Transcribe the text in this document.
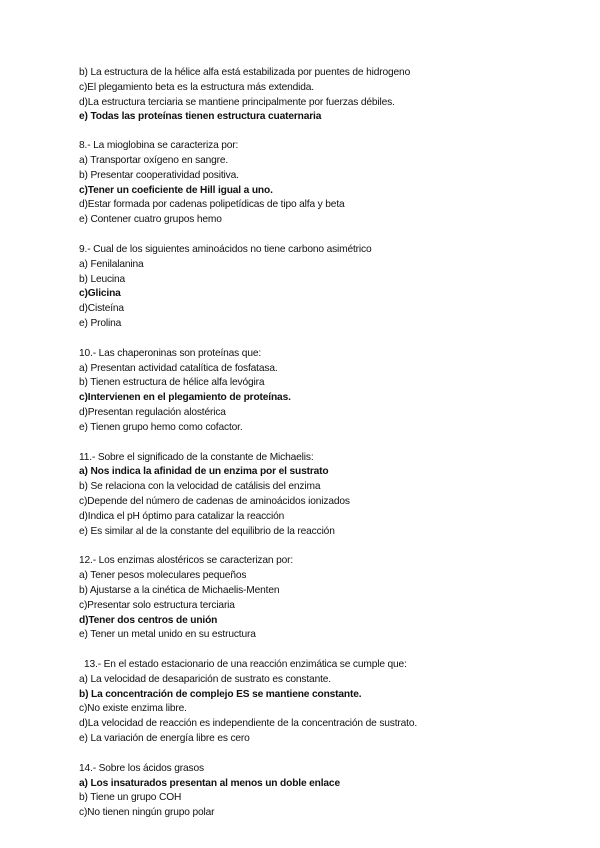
b) La estructura de la hélice alfa está estabilizada por puentes de hidrogeno
c)El plegamiento beta es la estructura más extendida.
d)La estructura terciaria se mantiene principalmente por fuerzas débiles.
e) Todas las proteínas tienen estructura cuaternaria
8.- La mioglobina se caracteriza por:
a) Transportar oxígeno en sangre.
b) Presentar cooperatividad positiva.
c)Tener un coeficiente de Hill igual a uno.
d)Estar formada por cadenas polipetídicas de tipo alfa y beta
e) Contener cuatro grupos hemo
9.- Cual de los siguientes aminoácidos no tiene carbono asimétrico
a) Fenilalanina
b) Leucina
c)Glicina
d)Cisteína
e) Prolina
10.- Las chaperoninas son proteínas que:
a) Presentan actividad catalítica de fosfatasa.
b) Tienen estructura de hélice alfa levógira
c)Intervienen en el plegamiento de proteínas.
d)Presentan regulación alostérica
e) Tienen grupo hemo como cofactor.
11.- Sobre el significado de la constante de Michaelis:
a) Nos indica la afinidad de un enzima por el sustrato
b) Se relaciona con la velocidad de catálisis del enzima
c)Depende del número de cadenas de aminoácidos ionizados
d)Indica el pH óptimo para catalizar la reacción
e) Es similar al de la constante del equilibrio de la reacción
12.- Los enzimas alostéricos se caracterizan por:
a) Tener pesos moleculares pequeños
b) Ajustarse a la cinética de Michaelis-Menten
c)Presentar solo estructura terciaria
d)Tener dos centros de unión
e) Tener un metal unido en su estructura
13.- En el estado estacionario de una reacción enzimática se cumple que:
a) La velocidad de desaparición de sustrato es constante.
b) La concentración de complejo ES se mantiene constante.
c)No existe enzima libre.
d)La velocidad de reacción es independiente de la concentración de sustrato.
e) La variación de energía libre es cero
14.- Sobre los ácidos grasos
a) Los insaturados presentan al menos un doble enlace
b) Tiene un grupo COH
c)No tienen ningún grupo polar
